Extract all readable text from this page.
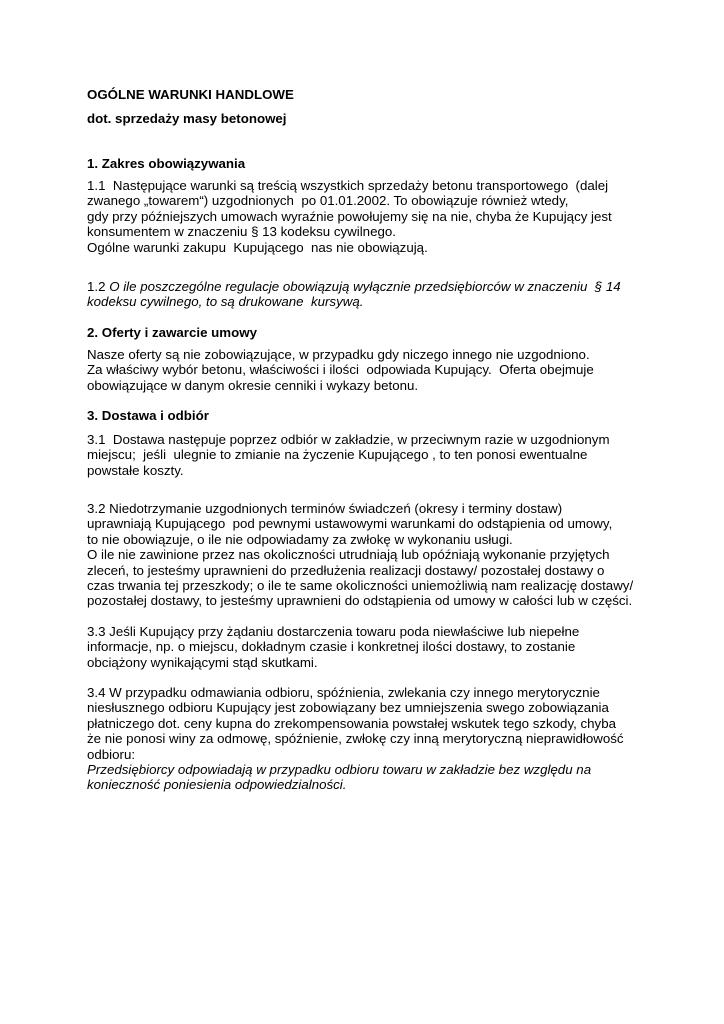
OGÓLNE WARUNKI HANDLOWE
dot. sprzedaży masy betonowej
1. Zakres obowiązywania
1.1  Następujące warunki są treścią wszystkich sprzedaży betonu transportowego  (dalej
zwanego „towarem“) uzgodnionych  po 01.01.2002. To obowiązuje również wtedy,
gdy przy późniejszych umowach wyraźnie powołujemy się na nie, chyba że Kupujący jest
konsumentem w znaczeniu § 13 kodeksu cywilnego.
Ogólne warunki zakupu  Kupującego  nas nie obowiązują.
1.2 O ile poszczególne regulacje obowiązują wyłącznie przedsiębiorców w znaczeniu  § 14
kodeksu cywilnego, to są drukowane  kursywą.
2. Oferty i zawarcie umowy
Nasze oferty są nie zobowiązujące, w przypadku gdy niczego innego nie uzgodniono.
Za właściwy wybór betonu, właściwości i ilości  odpowiada Kupujący.  Oferta obejmuje
obowiązujące w danym okresie cenniki i wykazy betonu.
3. Dostawa i odbiór
3.1  Dostawa następuje poprzez odbiór w zakładzie, w przeciwnym razie w uzgodnionym
miejscu;  jeśli  ulegnie to zmianie na życzenie Kupującego , to ten ponosi ewentualne
powstałe koszty.
3.2 Niedotrzymanie uzgodnionych terminów świadczeń (okresy i terminy dostaw)
uprawniają Kupującego  pod pewnymi ustawowymi warunkami do odstąpienia od umowy,
to nie obowiązuje, o ile nie odpowiadamy za zwłokę w wykonaniu usługi.
O ile nie zawinione przez nas okoliczności utrudniają lub opóźniają wykonanie przyjętych
zleceń, to jesteśmy uprawnieni do przedłużenia realizacji dostawy/ pozostałej dostawy o
czas trwania tej przeszkody; o ile te same okoliczności uniemożliwią nam realizację dostawy/
pozostałej dostawy, to jesteśmy uprawnieni do odstąpienia od umowy w całości lub w części.
3.3 Jeśli Kupujący przy żądaniu dostarczenia towaru poda niewłaściwe lub niepełne
informacje, np. o miejscu, dokładnym czasie i konkretnej ilości dostawy, to zostanie
obciążony wynikającymi stąd skutkami.
3.4 W przypadku odmawiania odbioru, spóźnienia, zwlekania czy innego merytorycznie
niesłusznego odbioru Kupujący jest zobowiązany bez umniejszenia swego zobowiązania
płatniczego dot. ceny kupna do zrekompensowania powstałej wskutek tego szkody, chyba
że nie ponosi winy za odmowę, spóźnienie, zwłokę czy inną merytoryczną nieprawidłowość
odbioru:
Przedsiębiorcy odpowiadają w przypadku odbioru towaru w zakładzie bez względu na
konieczność poniesienia odpowiedzialności.
